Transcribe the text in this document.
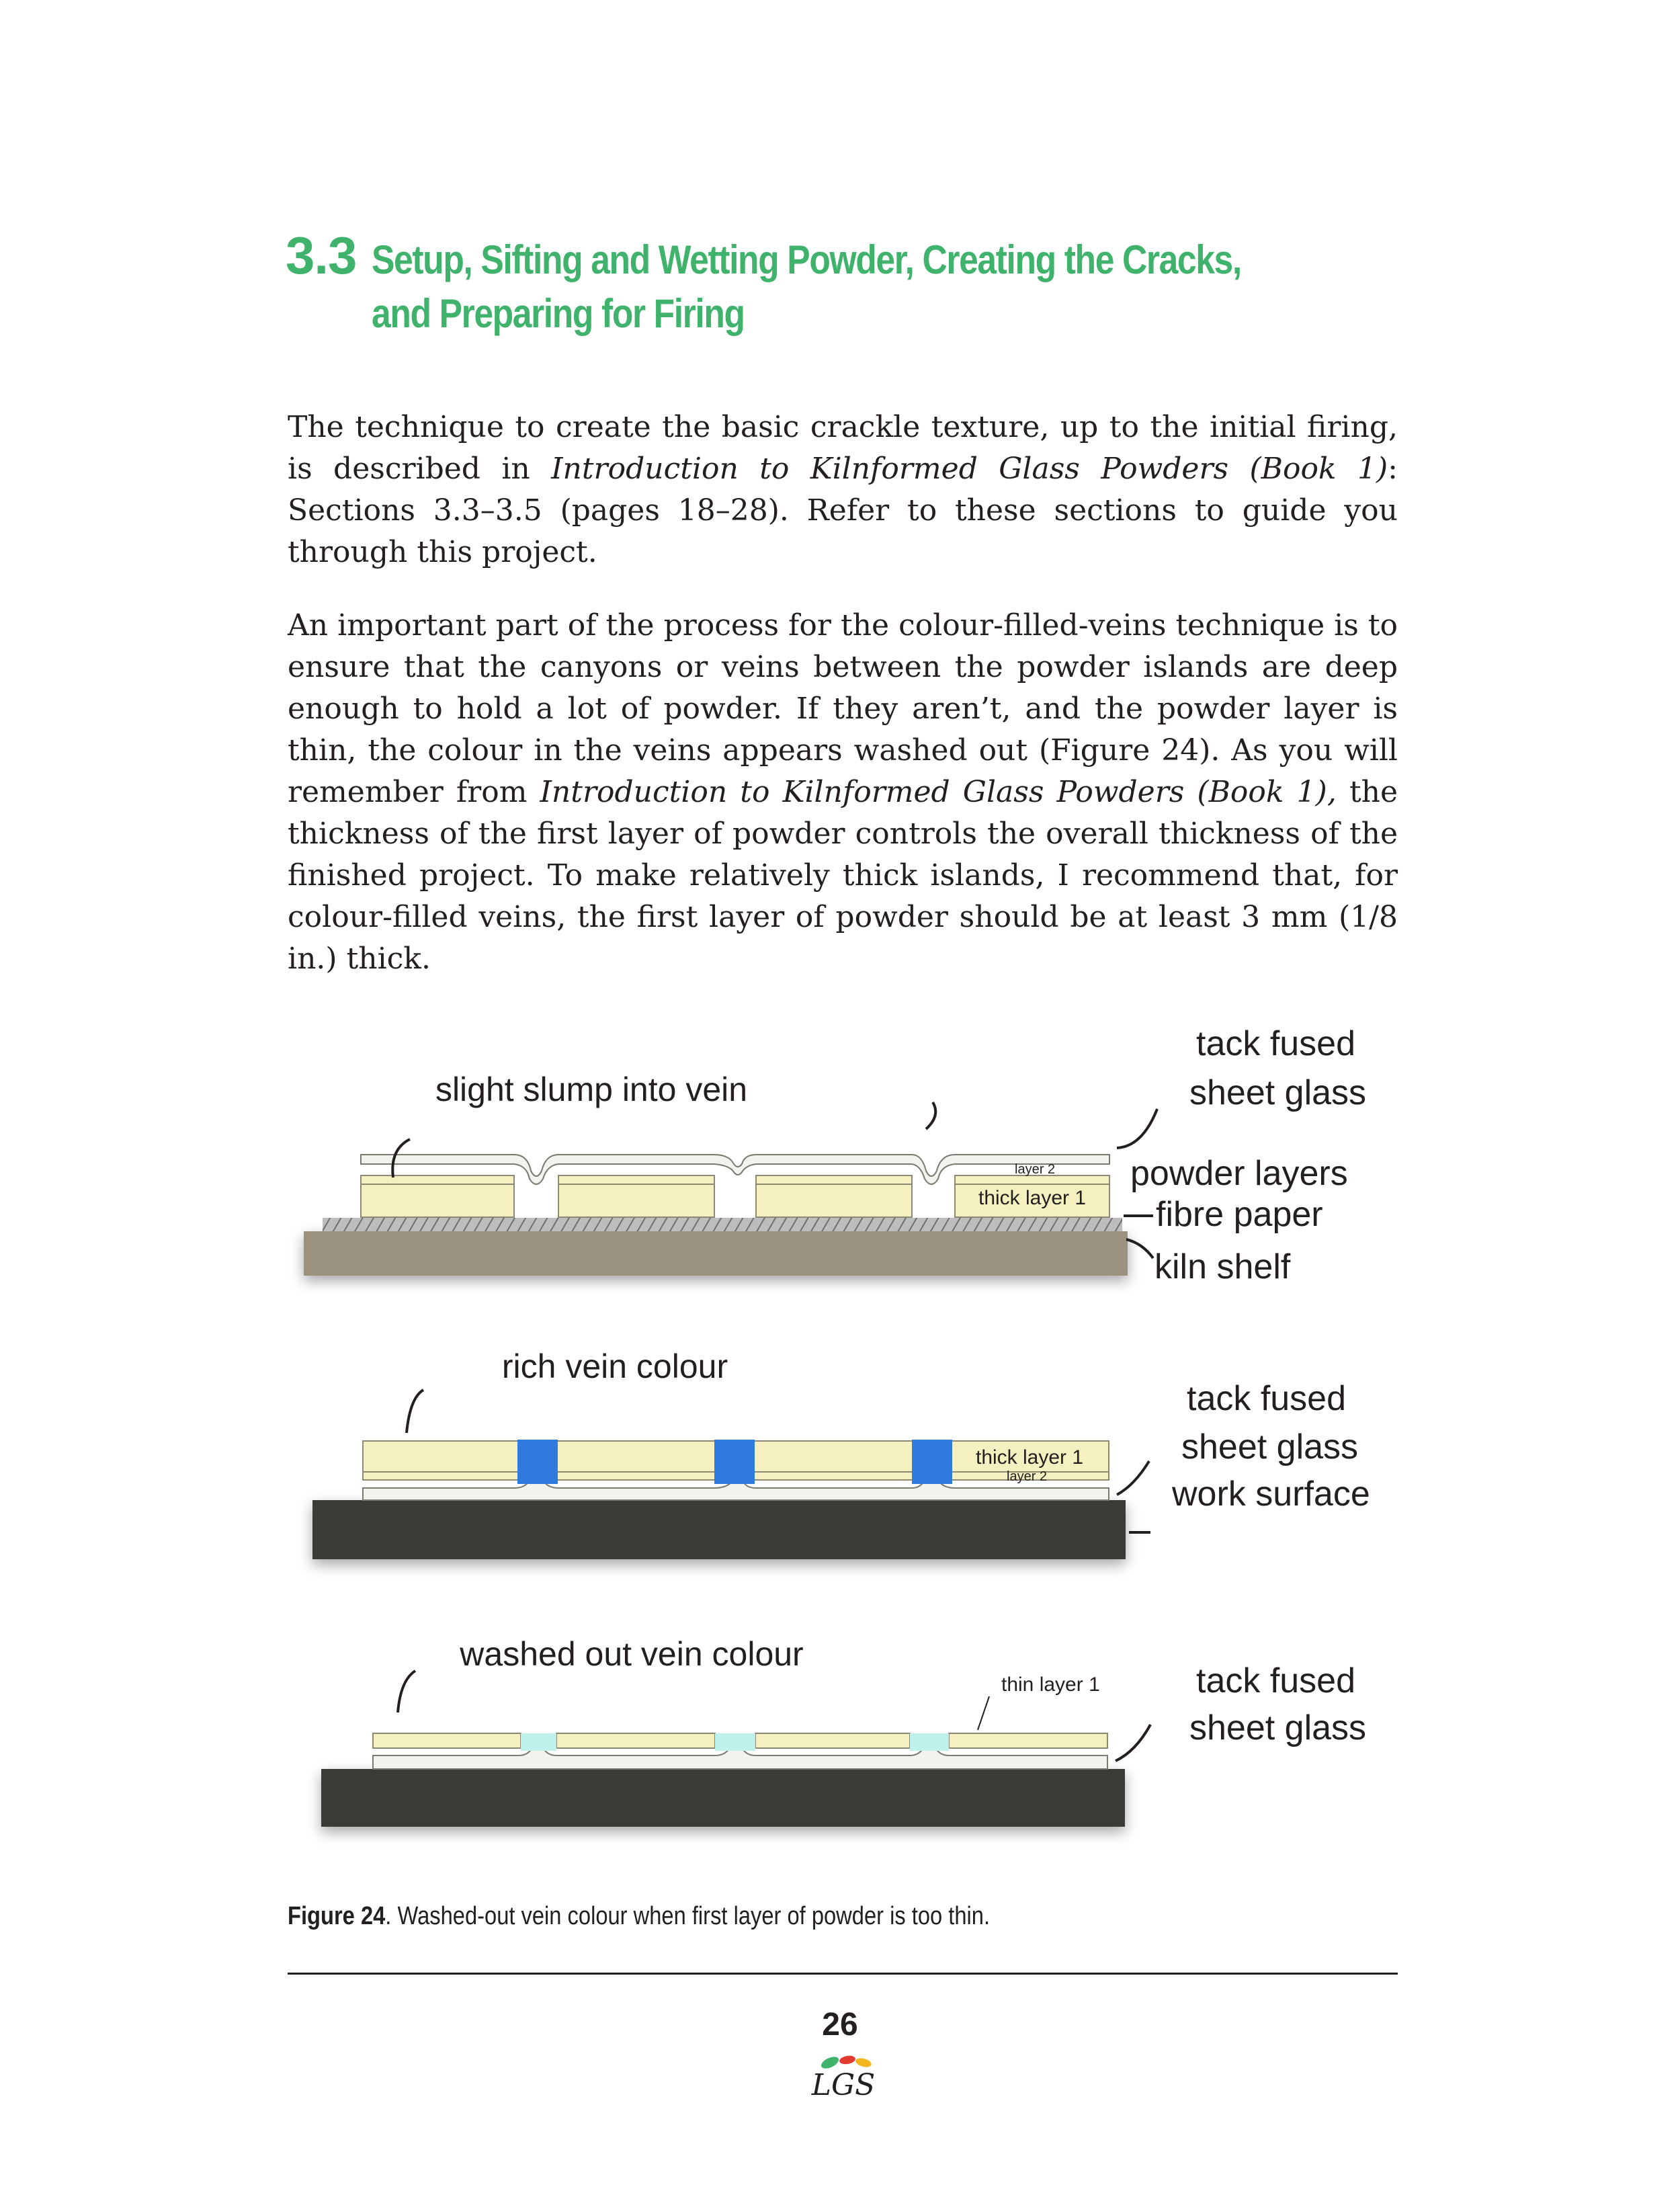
3.3 Setup, Sifting and Wetting Powder, Creating the Cracks,
and Preparing for Firing

The technique to create the basic crackle texture, up to the initial firing, is described in Introduction to Kilnformed Glass Powders (Book 1): Sections 3.3–3.5 (pages 18–28). Refer to these sections to guide you through this project.

An important part of the process for the colour-filled-veins technique is to ensure that the canyons or veins between the powder islands are deep enough to hold a lot of powder. If they aren’t, and the powder layer is thin, the colour in the veins appears washed out (Figure 24). As you will remember from Introduction to Kilnformed Glass Powders (Book 1), the thickness of the first layer of powder controls the overall thickness of the finished project. To make relatively thick islands, I recommend that, for colour-filled veins, the first layer of powder should be at least 3 mm (1/8 in.) thick.

slight slump into vein
layer 2
thick layer 1
tack fused
sheet glass
powder layers
fibre paper
kiln shelf
rich vein colour
thick layer 1
layer 2
tack fused
sheet glass
work surface
washed out vein colour
thin layer 1	tack fused
sheet glass
Figure 24. Washed-out vein colour when first layer of powder is too thin.
26
LGS
